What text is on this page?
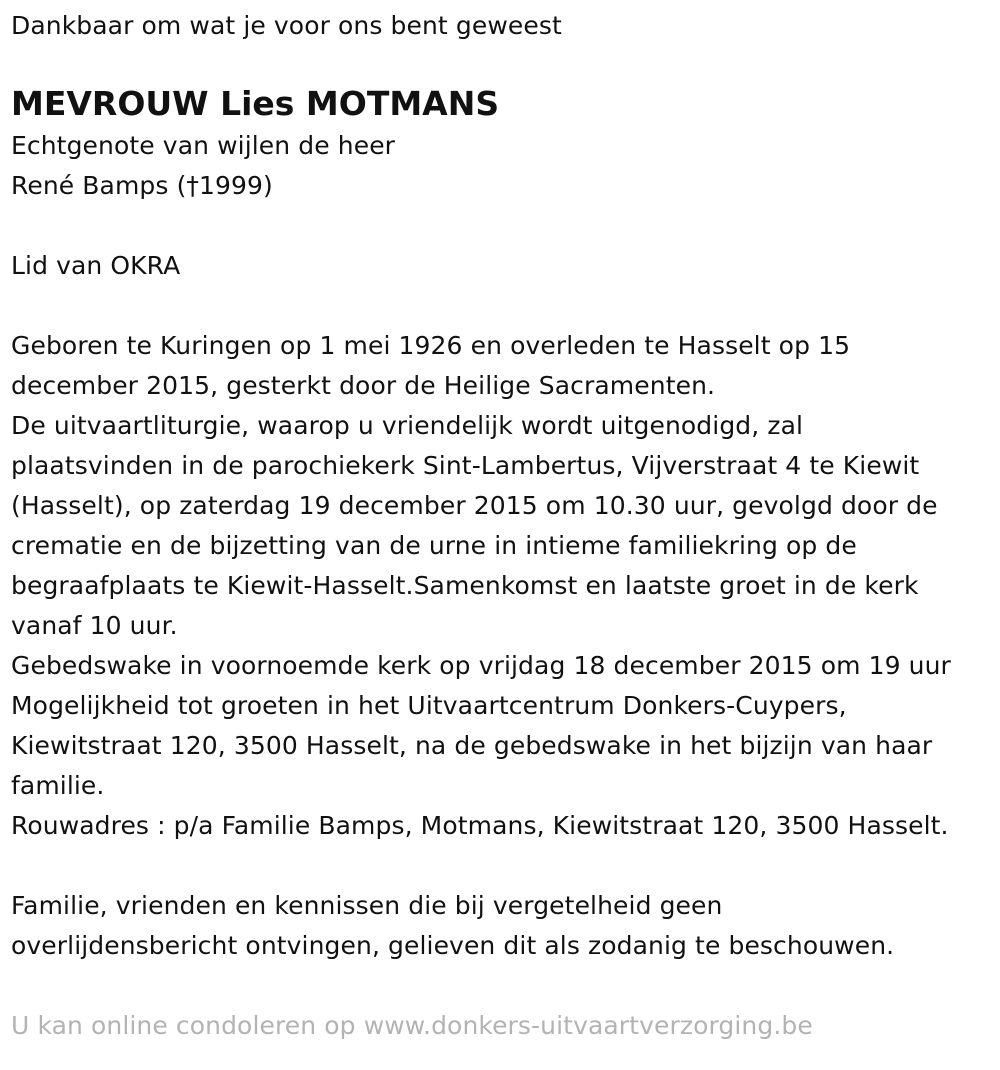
Dankbaar om wat je voor ons bent geweest
MEVROUW Lies MOTMANS
Echtgenote van wijlen de heer
René Bamps (†1999)
Lid van OKRA
Geboren te Kuringen op 1 mei 1926 en overleden te Hasselt op 15
december 2015, gesterkt door de Heilige Sacramenten.
De uitvaartliturgie, waarop u vriendelijk wordt uitgenodigd, zal
plaatsvinden in de parochiekerk Sint-Lambertus, Vijverstraat 4 te Kiewit
(Hasselt), op zaterdag 19 december 2015 om 10.30 uur, gevolgd door de
crematie en de bijzetting van de urne in intieme familiekring op de
begraafplaats te Kiewit-Hasselt.Samenkomst en laatste groet in de kerk
vanaf 10 uur.
Gebedswake in voornoemde kerk op vrijdag 18 december 2015 om 19 uur
Mogelijkheid tot groeten in het Uitvaartcentrum Donkers-Cuypers,
Kiewitstraat 120, 3500 Hasselt, na de gebedswake in het bijzijn van haar
familie.
Rouwadres : p/a Familie Bamps, Motmans, Kiewitstraat 120, 3500 Hasselt.
Familie, vrienden en kennissen die bij vergetelheid geen
overlijdensbericht ontvingen, gelieven dit als zodanig te beschouwen.
U kan online condoleren op www.donkers-uitvaartverzorging.be
